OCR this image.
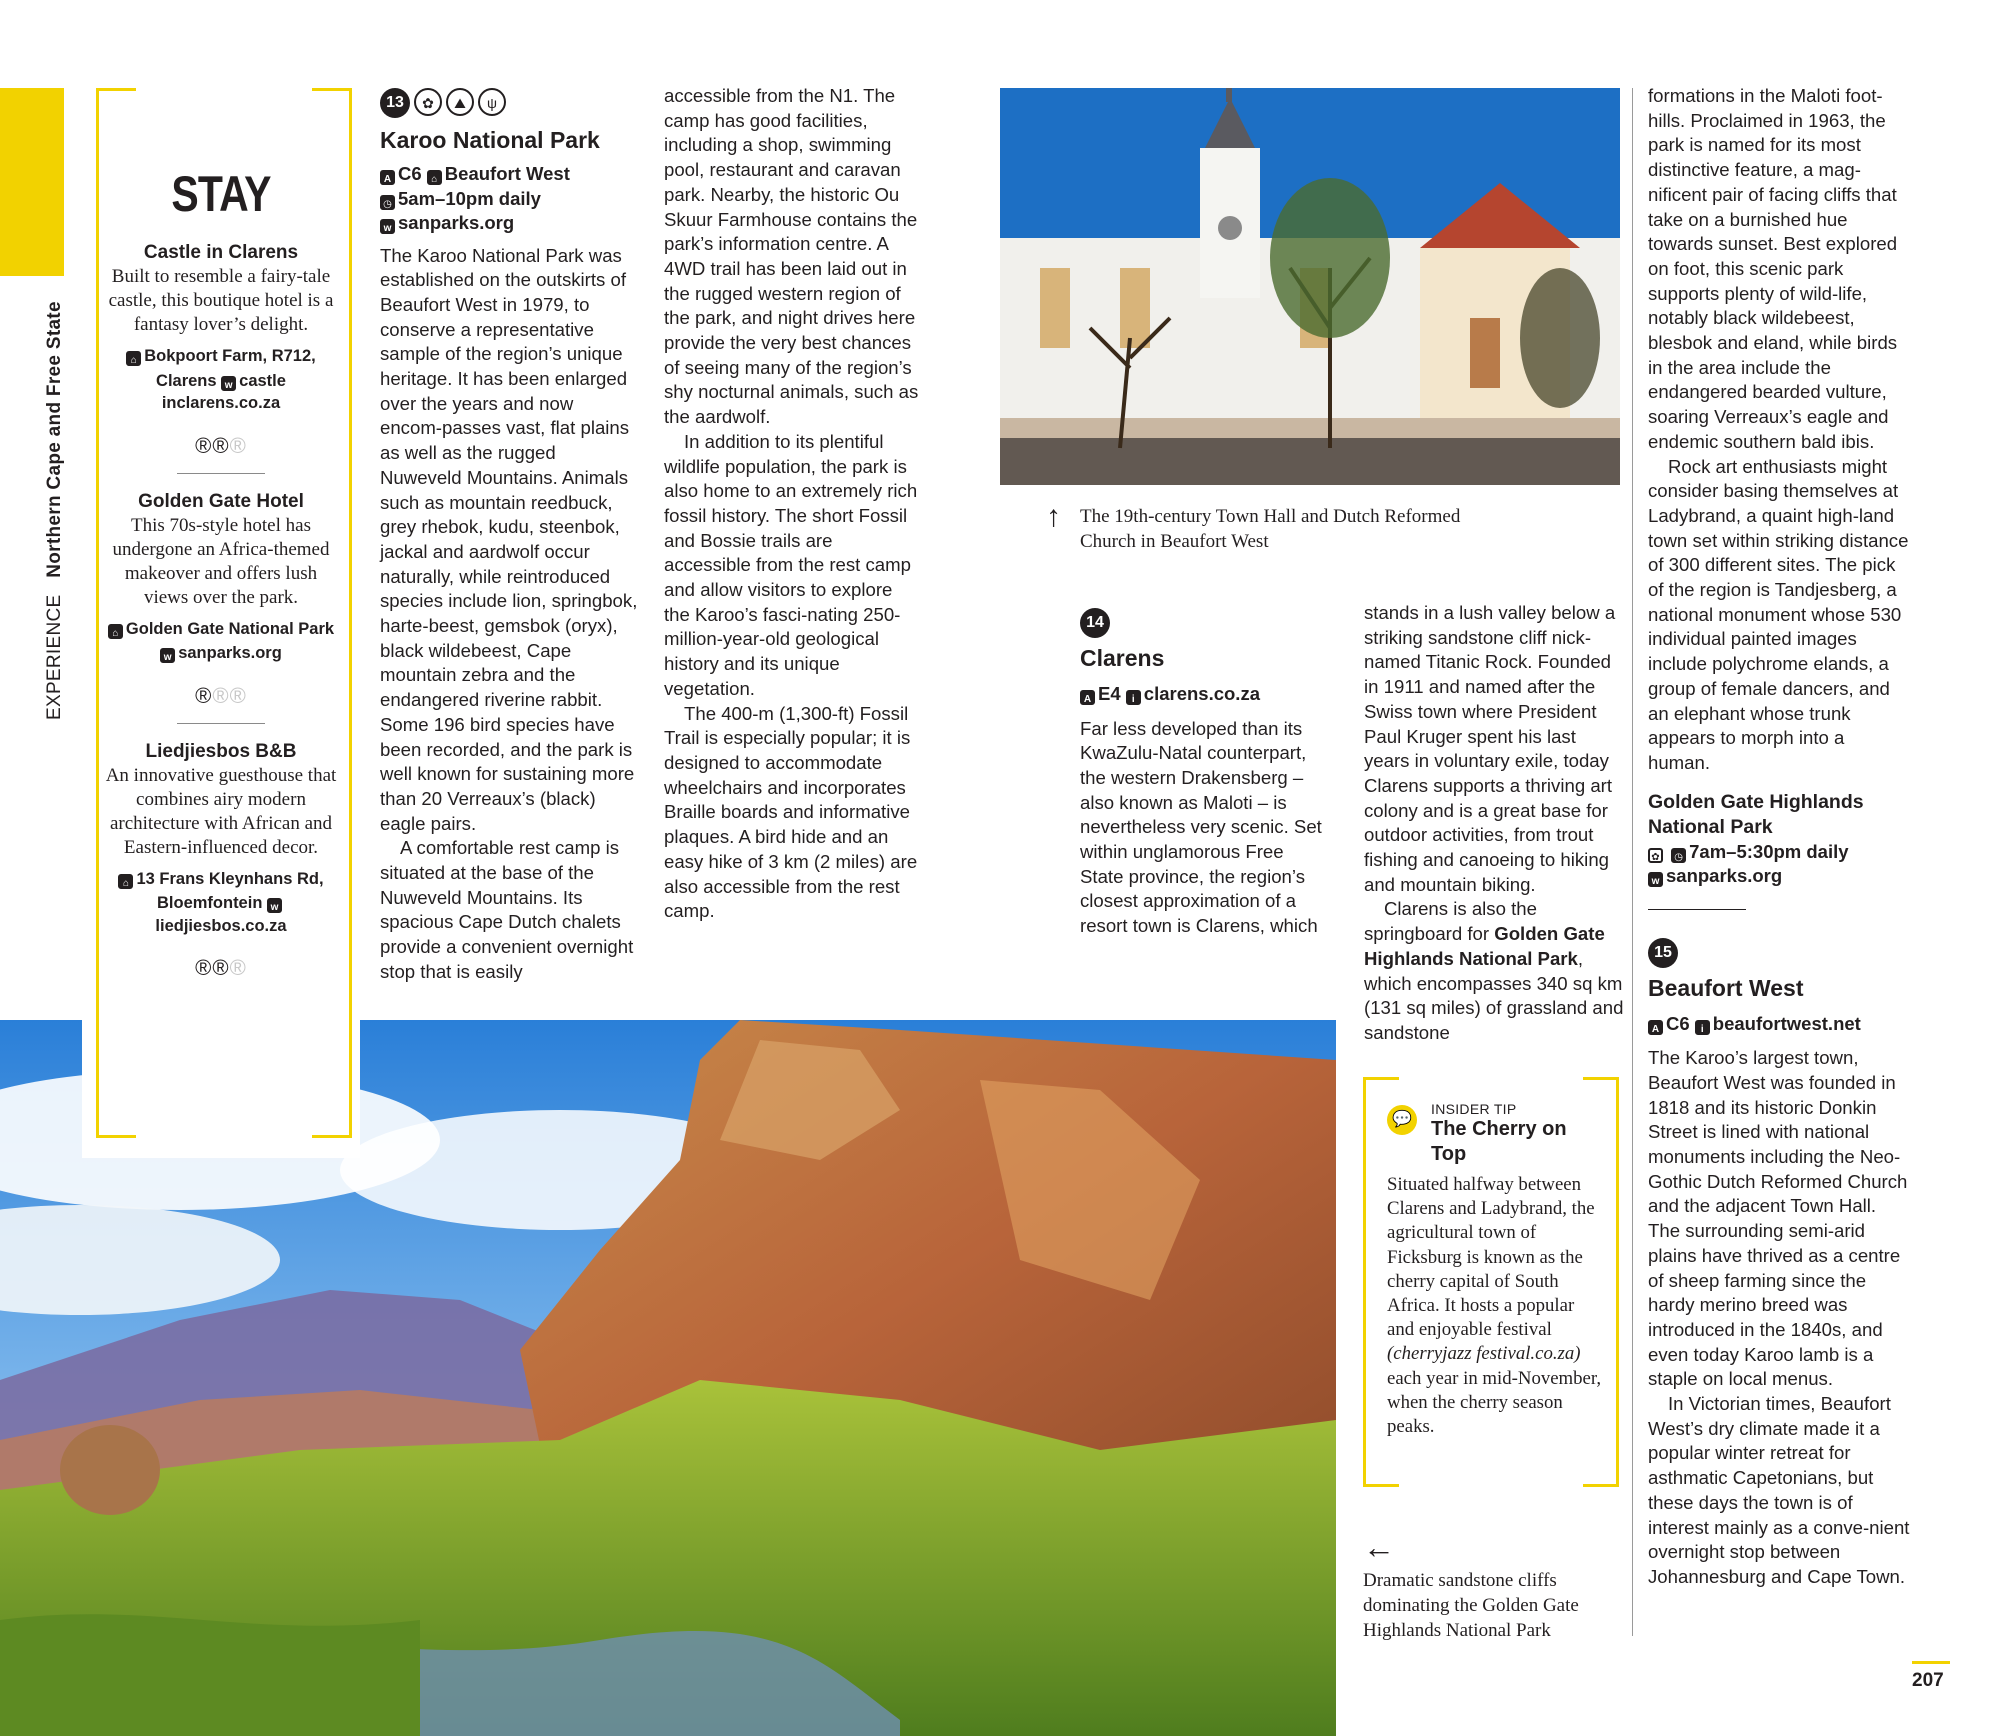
EXPERIENCE   Northern Cape and Free State
STAY
Castle in Clarens
Built to resemble a fairy-tale castle, this boutique hotel is a fantasy lover’s delight.
⌂ Bokpoort Farm, R712, Clarens w castle inclarens.co.za
®®®
Golden Gate Hotel
This 70s-style hotel has undergone an Africa-themed makeover and offers lush views over the park.
⌂ Golden Gate National Park w sanparks.org
®®®
Liedjiesbos B&B
An innovative guesthouse that combines airy modern architecture with African and Eastern-influenced decor.
⌂ 13 Frans Kleynhans Rd, Bloemfontein wliedjiesbos.co.za
®®®
13 ✿ ⛰ ψ
Karoo National Park
A C6 ⌂ Beaufort West
◷ 5am–10pm daily
w sanparks.org

The Karoo National Park was established on the outskirts of Beaufort West in 1979, to conserve a representative sample of the region’s unique heritage. It has been enlarged over the years and now encom-passes vast, flat plains as well as the rugged Nuweveld Mountains. Animals such as mountain reedbuck, grey rhebok, kudu, steenbok, jackal and aardwolf occur naturally, while reintroduced species include lion, springbok, harte-beest, gemsbok (oryx), black wildebeest, Cape mountain zebra and the endangered riverine rabbit. Some 196 bird species have been recorded, and the park is well known for sustaining more than 20 Verreaux’s (black) eagle pairs.

A comfortable rest camp is situated at the base of the Nuweveld Mountains. Its spacious Cape Dutch chalets provide a convenient overnight stop that is easily

accessible from the N1. The camp has good facilities, including a shop, swimming pool, restaurant and caravan park. Nearby, the historic Ou Skuur Farmhouse contains the park’s information centre. A 4WD trail has been laid out in the rugged western region of the park, and night drives here provide the very best chances of seeing many of the region’s shy nocturnal animals, such as the aardwolf.

In addition to its plentiful wildlife population, the park is also home to an extremely rich fossil history. The short Fossil and Bossie trails are accessible from the rest camp and allow visitors to explore the Karoo’s fasci-nating 250-million-year-old geological history and its unique vegetation.

The 400-m (1,300-ft) Fossil Trail is especially popular; it is designed to accommodate wheelchairs and incorporates Braille boards and informative plaques. A bird hide and an easy hike of 3 km (2 miles) are also accessible from the rest camp.

↑ The 19th-century Town Hall and Dutch Reformed Church in Beaufort West
14
Clarens
A E4 i clarens.co.za

Far less developed than its KwaZulu-Natal counterpart, the western Drakensberg – also known as Maloti – is nevertheless very scenic. Set within unglamorous Free State province, the region’s closest approximation of a resort town is Clarens, which

stands in a lush valley below a striking sandstone cliff nick-named Titanic Rock. Founded in 1911 and named after the Swiss town where President Paul Kruger spent his last years in voluntary exile, today Clarens supports a thriving art colony and is a great base for outdoor activities, from trout fishing and canoeing to hiking and mountain biking.

Clarens is also the springboard for Golden Gate Highlands National Park, which encompasses 340 sq km (131 sq miles) of grassland and sandstone

💬
INSIDER TIP
The Cherry on Top
Situated halfway between Clarens and Ladybrand, the agricultural town of Ficksburg is known as the cherry capital of South Africa. It hosts a popular and enjoyable festival (cherryjazz festival.co.za) each year in mid-November, when the cherry season peaks.
←
Dramatic sandstone cliffs dominating the Golden Gate Highlands National Park

formations in the Maloti foot-hills. Proclaimed in 1963, the park is named for its most distinctive feature, a mag-nificent pair of facing cliffs that take on a burnished hue towards sunset. Best explored on foot, this scenic park supports plenty of wild-life, notably black wildebeest, blesbok and eland, while birds in the area include the endangered bearded vulture, soaring Verreaux’s eagle and endemic southern bald ibis.

Rock art enthusiasts might consider basing themselves at Ladybrand, a quaint high-land town set within striking distance of 300 different sites. The pick of the region is Tandjesberg, a national monument whose 530 individual painted images include polychrome elands, a group of female dancers, and an elephant whose trunk appears to morph into a human.

Golden Gate Highlands National Park
✿ ◷ 7am–5:30pm daily
w sanparks.org
15
Beaufort West
A C6 i beaufortwest.net

The Karoo’s largest town, Beaufort West was founded in 1818 and its historic Donkin Street is lined with national monuments including the Neo-Gothic Dutch Reformed Church and the adjacent Town Hall. The surrounding semi-arid plains have thrived as a centre of sheep farming since the hardy merino breed was introduced in the 1840s, and even today Karoo lamb is a staple on local menus.

In Victorian times, Beaufort West’s dry climate made it a popular winter retreat for asthmatic Capetonians, but these days the town is of interest mainly as a conve-nient overnight stop between Johannesburg and Cape Town.

207
